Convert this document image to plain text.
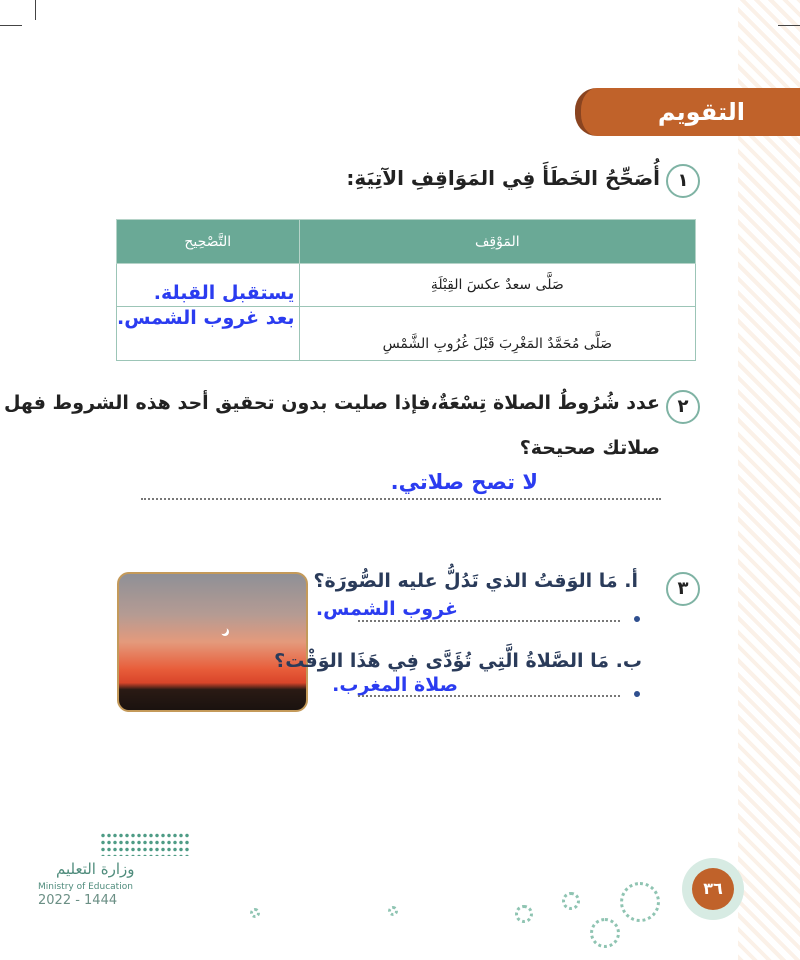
التقويم
١
أُصَحِّحُ الخَطَأَ فِي المَوَاقِفِ الآتِيَةِ:
المَوْقِف	التَّصْحِيح
صَلَّى سعدٌ عكسَ القِبْلَةِ	يستقبل القبلة.
صَلَّى مُحَمَّدٌ المَغْرِبَ قَبْلَ غُرُوبِ الشَّمْسِ	بعد غروب الشمس.
٢
عدد شُرُوطُ الصلاة تِسْعَةٌ،فإذا صليت بدون تحقيق أحد هذه الشروط فهل
صلاتك صحيحة؟
لا تصح صلاتي.
٣
أ. مَا الوَقتُ الذي تَدُلُّ عليه الصُّورَة؟
غروب الشمس.
ب. مَا الصَّلاةُ الَّتِي تُؤَدَّى فِي هَذَا الوَقْت؟
صلاة المغرب.
٣٦
وزارة التعليم
Ministry of Education
2022 - 1444
